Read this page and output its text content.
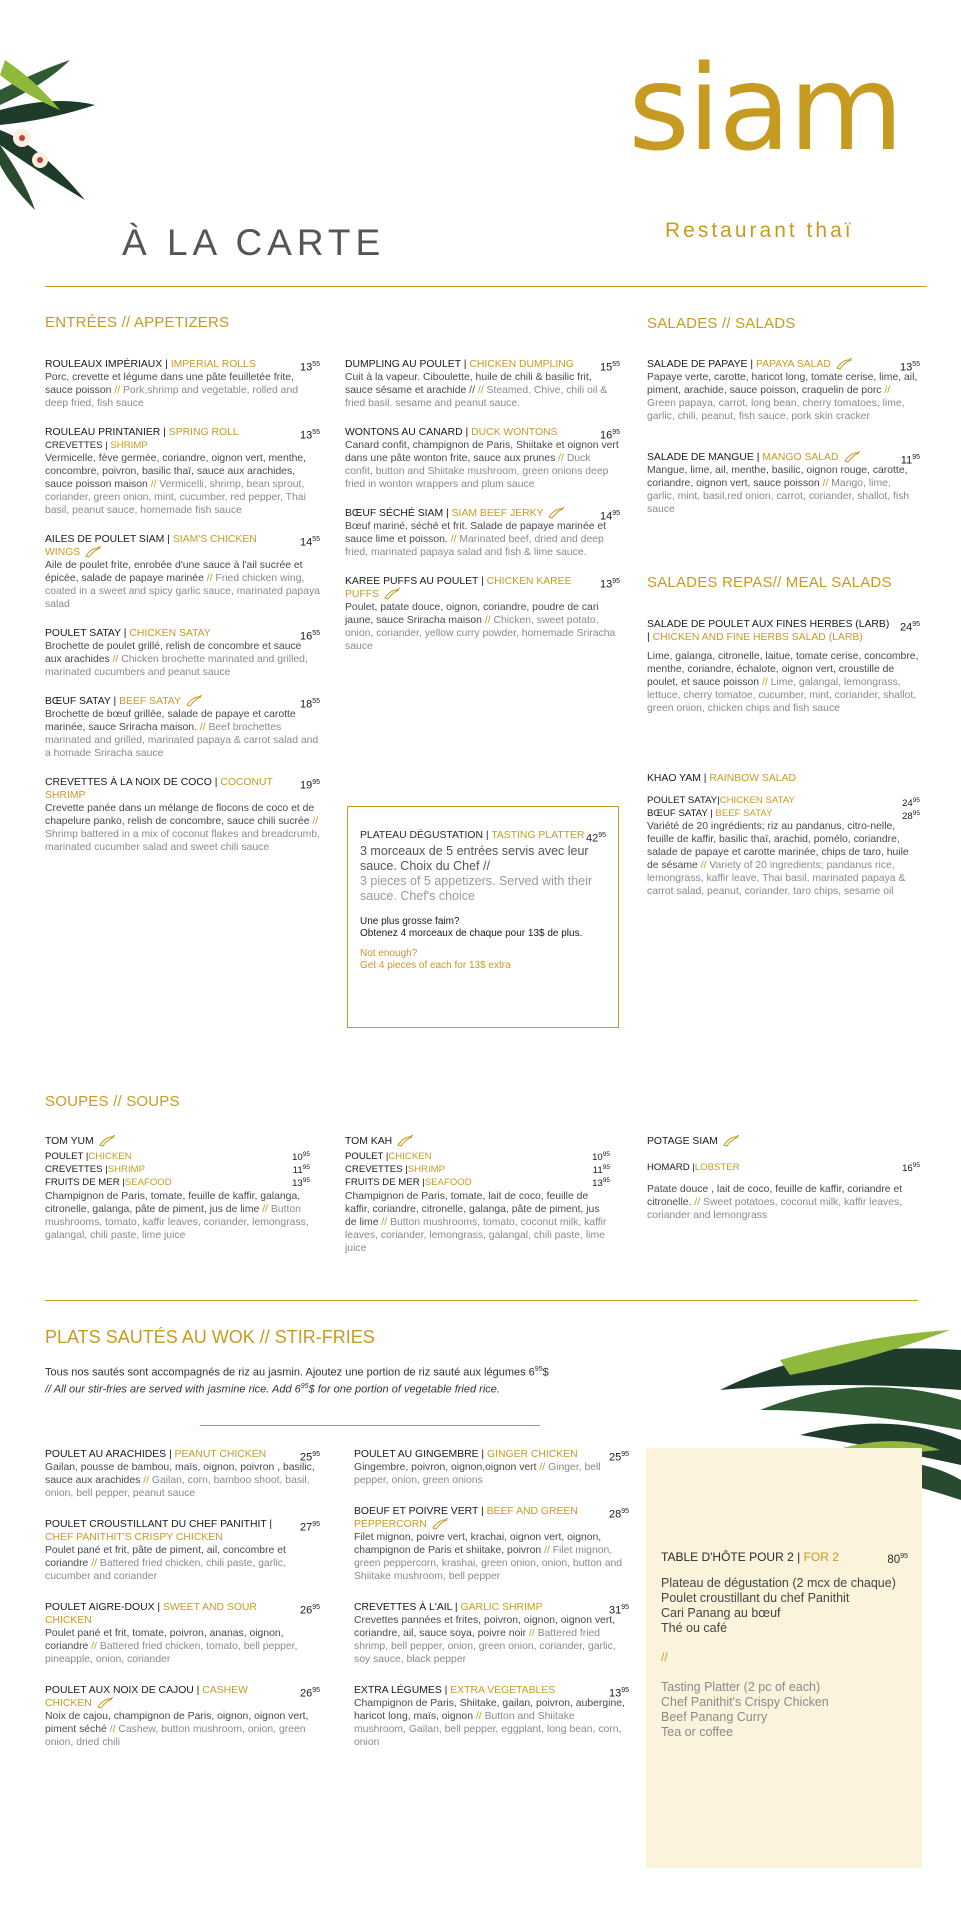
À LA CARTE
siam
Restaurant thaï
ENTRÉES // APPETIZERS
ROULEAUX IMPÉRIAUX | IMPERIAL ROLLS	$13^{55}$
Porc, crevette et légume dans une pâte feuilletée frite, sauce poisson // Pork,shrimp and vegetable, rolled and deep fried, fish sauce
ROULEAU PRINTANIER | SPRING ROLL	$13^{55}$
CREVETTES | SHRIMP
Vermicelle, fève germée, coriandre, oignon vert, menthe, concombre, poivron, basilic thaï, sauce aux arachides, sauce poisson maison // Vermicelli, shrimp, bean sprout, coriander, green onion, mint, cucumber, red pepper, Thai basil, peanut sauce, homemade fish sauce
AILES DE POULET SIAM | SIAM'S CHICKEN WINGS
$14^{55}$
Aile de poulet frite, enrobée d'une sauce à l'ail sucrée et épicée, salade de papaye marinée // Fried chicken wing, coated in a sweet and spicy garlic sauce, marinated papaya salad
POULET SATAY | CHICKEN SATAY	$16^{55}$
Brochette de poulet grillé, relish de concombre et sauce aux arachides // Chicken brochette marinated and grilled, marinated cucumbers and peanut sauce
BŒUF SATAY | BEEF SATAY	$18^{55}$
Brochette de bœuf grillée, salade de papaye et carotte marinée, sauce Sriracha maison. // Beef brochettes marinated and grilled, marinated papaya & carrot salad and a homade Sriracha sauce
CREVETTES À LA NOIX DE COCO | COCONUT SHRIMP
$19^{95}$
Crevette panée dans un mélange de flocons de coco et de chapelure panko, relish de concombre, sauce chili sucrée // Shrimp battered in a mix of coconut flakes and breadcrumb, marinated cucumber salad and sweet chili sauce
DUMPLING AU POULET | CHICKEN DUMPLING $15^{55}$
Cuit à la vapeur. Ciboulette, huile de chili & basilic frit, sauce sésame et arachide // // Steamed. Chive, chili oil & fried basil. sesame and peanut sauce.
WONTONS AU CANARD | DUCK WONTONS	$16^{95}$
Canard confit, champignon de Paris, Shiitake et oignon vert dans une pâte wonton frite, sauce aux prunes // Duck confit, button and Shiitake mushroom, green onions deep fried in wonton wrappers and plum sauce
BŒUF SÉCHÉ SIAM | SIAM BEEF JERKY	$14^{95}$
Bœuf mariné, séché et frit. Salade de papaye marinée et sauce lime et poisson. // Marinated beef, dried and deep fried, marinated papaya salad and fish & lime sauce.
KAREE PUFFS AU POULET | CHICKEN KAREE PUFFS
$13^{95}$
Poulet, patate douce, oignon, coriandre, poudre de cari jaune, sauce Sriracha maison // Chicken, sweet potato, onion, coriander, yellow curry powder, homemade Sriracha sauce
PLATEAU DÉGUSTATION | TASTING PLATTER $42^{95}$
3 morceaux de 5 entrées servis avec leur sauce. Choix du Chef //
3 pieces of 5 appetizers. Served with their sauce. Chef's choice
Une plus grosse faim?
Obtenez 4 morceaux de chaque pour 13$ de plus.
Not enough?
Get 4 pieces of each for 13$ extra
SALADES // SALADS
SALADE DE PAPAYE | PAPAYA SALAD	$13^{55}$
Papaye verte, carotte, haricot long, tomate cerise, lime, ail, piment, arachide, sauce poisson, craquelin de porc // Green papaya, carrot, long bean, cherry tomatoes, lime, garlic, chili, peanut, fish sauce, pork skin cracker
SALADE DE MANGUE | MANGO SALAD	$11^{95}$
Mangue, lime, ail, menthe, basilic, oignon rouge, carotte, coriandre, oignon vert, sauce poisson // Mango, lime, garlic, mint, basil,red onion, carrot, coriander, shallot, fish sauce
SALADES REPAS// MEAL SALADS
SALADE DE POULET AUX FINES HERBES (LARB) | CHICKEN AND FINE HERBS SALAD (LARB)
$24^{95}$
Lime, galanga, citronelle, laitue, tomate cerise, concombre, menthe, coriandre, échalote, oignon vert, croustille de poulet, et sauce poisson // Lime, galangal, lemongrass, lettuce, cherry tomatoe, cucumber, mint, coriander, shallot, green onion, chicken chips and fish sauce
KHAO YAM | RAINBOW SALAD
POULET SATAY|CHICKEN SATAY	$24^{95}$
BŒUF SATAY | BEEF SATAY	$28^{95}$
Variété de 20 ingrédients; riz au pandanus, citro-nelle, feuille de kaffir, basilic thaï, arachid, pomélo, coriandre, salade de papaye et carotte marinée, chips de taro, huile de sésame // Variety of 20 ingredients; pandanus rice, lemongrass, kaffir leave, Thai basil, marinated papaya & carrot salad, peanut, coriander, taro chips, sesame oil
SOUPES // SOUPS
TOM YUM
POULET |CHICKEN	$10^{95}$
CREVETTES |SHRIMP	$11^{95}$
FRUITS DE MER |SEAFOOD	$13^{95}$
Champignon de Paris, tomate, feuille de kaffir, galanga, citronelle, galanga, pâte de piment, jus de lime // Button mushrooms, tomato, kaffir leaves, coriander, lemongrass, galangal, chili paste, lime juice
TOM KAH
POULET |CHICKEN	$10^{95}$
CREVETTES |SHRIMP	$11^{95}$
FRUITS DE MER |SEAFOOD	$13^{95}$
Champignon de Paris, tomate, lait de coco, feuille de kaffir, coriandre, citronelle, galanga, pâte de piment, jus de lime // Button mushrooms, tomato, coconut milk, kaffir leaves, coriander, lemongrass, galangal, chili paste, lime juice
POTAGE SIAM
HOMARD |LOBSTER	$16^{95}$
Patate douce , lait de coco, feuille de kaffir, coriandre et citronelle. // Sweet potatoes, coconut milk, kaffir leaves, coriander and lemongrass
PLATS SAUTÉS AU WOK // STIR-FRIES
Tous nos sautés sont accompagnés de riz au jasmin. Ajoutez une portion de riz sauté aux légumes $6^{95}\$$
// All our stir-fries are served with jasmine rice. Add $6^{95}\$$ for one portion of vegetable fried rice.
POULET AU ARACHIDES | PEANUT CHICKEN	$25^{95}$
Gailan, pousse de bambou, maïs, oignon, poivron , basilic, sauce aux arachides // Gailan, corn, bamboo shoot, basil, onion, bell pepper, peanut sauce
POULET CROUSTILLANT DU CHEF PANITHIT | CHEF PANITHIT'S CRISPY CHICKEN
$27^{95}$
Poulet pané et frit, pâte de piment, ail, concombre et coriandre // Battered fried chicken, chili paste, garlic, cucumber and coriander
POULET AIGRE-DOUX | SWEET AND SOUR CHICKEN
$26^{95}$
Poulet pané et frit, tomate, poivron, ananas, oignon, coriandre // Battered fried chicken, tomato, bell pepper, pineapple, onion, coriander
POULET AUX NOIX DE CAJOU | CASHEW CHICKEN
$26^{95}$
Noix de cajou, champignon de Paris, oignon, oignon vert, piment séché // Cashew, button mushroom, onion, green onion, dried chili
POULET AU GINGEMBRE | GINGER CHICKEN	$25^{95}$
Gingembre, poivron, oignon,oignon vert // Ginger, bell pepper, onion, green onions
BOEUF ET POIVRE VERT | BEEF AND GREEN PEPPERCORN
$28^{95}$
Filet mignon, poivre vert, krachai, oignon vert, oignon, champignon de Paris et shiitake, poivron // Filet mignon, green peppercorn, krashai, green onion, onion, button and Shiitake mushroom, bell pepper
CREVETTES À L'AIL | GARLIC SHRIMP	$31^{95}$
Crevettes pannées et frites, poivron, oignon, oignon vert, coriandre, ail, sauce soya, poivre noir // Battered fried shrimp, bell pepper, onion, green onion, coriander, garlic, soy sauce, black pepper
EXTRA LÉGUMES | EXTRA VEGETABLES	$13^{95}$
Champignon de Paris, Shiitake, gailan, poivron, aubergine, haricot long, maïs, oignon // Button and Shiitake mushroom, Gailan, bell pepper, eggplant, long bean, corn, onion
TABLE D'HÔTE POUR 2 | FOR 2	$80^{95}$
Plateau de dégustation (2 mcx de chaque)
Poulet croustillant du chef Panithit
Cari Panang au bœuf
Thé ou café
//
Tasting Platter (2 pc of each)
Chef Panithit's Crispy Chicken
Beef Panang Curry
Tea or coffee
